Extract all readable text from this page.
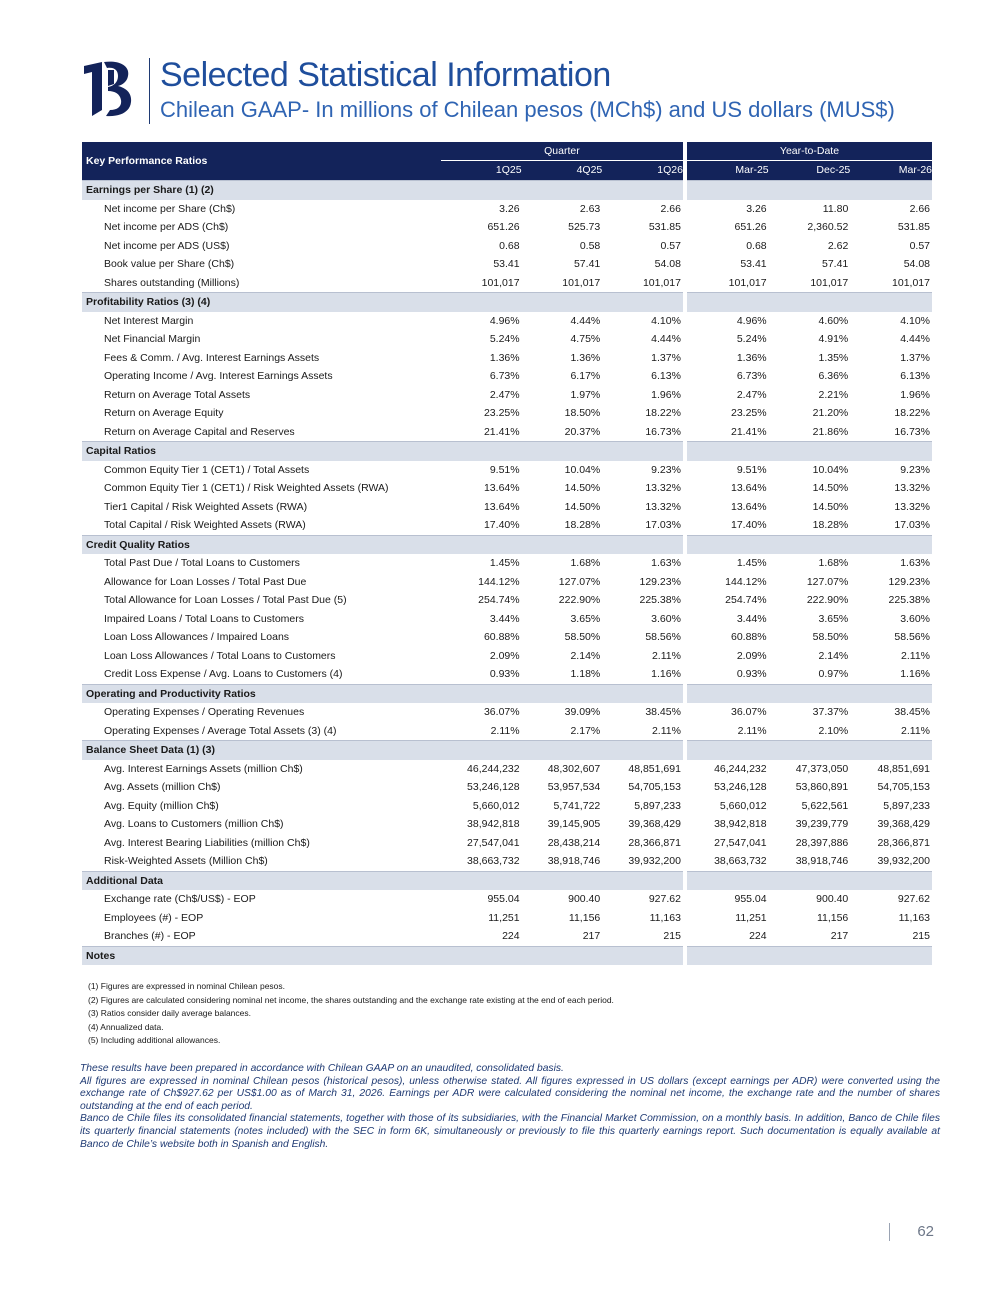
Selected Statistical Information
Chilean GAAP- In millions of Chilean pesos (MCh$) and US dollars (MUS$)
Key Performance Ratios	Quarter				Year-to-Date		
	1Q25	4Q25	1Q26		Mar-25	Dec-25	Mar-26
Earnings per Share (1) (2)							
Net income per Share (Ch$)	3.26	2.63	2.66		3.26	11.80	2.66
Net income per ADS (Ch$)	651.26	525.73	531.85		651.26	2,360.52	531.85
Net income per ADS (US$)	0.68	0.58	0.57		0.68	2.62	0.57
Book value per Share (Ch$)	53.41	57.41	54.08		53.41	57.41	54.08
Shares outstanding (Millions)	101,017	101,017	101,017		101,017	101,017	101,017
Profitability Ratios (3) (4)							
Net Interest Margin	4.96%	4.44%	4.10%		4.96%	4.60%	4.10%
Net Financial Margin	5.24%	4.75%	4.44%		5.24%	4.91%	4.44%
Fees & Comm. / Avg. Interest Earnings Assets	1.36%	1.36%	1.37%		1.36%	1.35%	1.37%
Operating Income / Avg. Interest Earnings Assets	6.73%	6.17%	6.13%		6.73%	6.36%	6.13%
Return on Average Total Assets	2.47%	1.97%	1.96%		2.47%	2.21%	1.96%
Return on Average Equity	23.25%	18.50%	18.22%		23.25%	21.20%	18.22%
Return on Average Capital and Reserves	21.41%	20.37%	16.73%		21.41%	21.86%	16.73%
Capital Ratios							
Common Equity Tier 1 (CET1) / Total Assets	9.51%	10.04%	9.23%		9.51%	10.04%	9.23%
Common Equity Tier 1 (CET1) / Risk Weighted Assets (RWA)	13.64%	14.50%	13.32%		13.64%	14.50%	13.32%
Tier1 Capital / Risk Weighted Assets (RWA)	13.64%	14.50%	13.32%		13.64%	14.50%	13.32%
Total Capital / Risk Weighted Assets (RWA)	17.40%	18.28%	17.03%		17.40%	18.28%	17.03%
Credit Quality Ratios							
Total Past Due / Total Loans to Customers	1.45%	1.68%	1.63%		1.45%	1.68%	1.63%
Allowance for Loan Losses / Total Past Due	144.12%	127.07%	129.23%		144.12%	127.07%	129.23%
Total Allowance for Loan Losses / Total Past Due (5)	254.74%	222.90%	225.38%		254.74%	222.90%	225.38%
Impaired Loans / Total Loans to Customers	3.44%	3.65%	3.60%		3.44%	3.65%	3.60%
Loan Loss Allowances / Impaired Loans	60.88%	58.50%	58.56%		60.88%	58.50%	58.56%
Loan Loss Allowances / Total Loans to Customers	2.09%	2.14%	2.11%		2.09%	2.14%	2.11%
Credit Loss Expense / Avg. Loans to Customers (4)	0.93%	1.18%	1.16%		0.93%	0.97%	1.16%
Operating and Productivity Ratios							
Operating Expenses / Operating Revenues	36.07%	39.09%	38.45%		36.07%	37.37%	38.45%
Operating Expenses / Average Total Assets (3) (4)	2.11%	2.17%	2.11%		2.11%	2.10%	2.11%
Balance Sheet Data (1) (3)							
Avg. Interest Earnings Assets (million Ch$)	46,244,232	48,302,607	48,851,691		46,244,232	47,373,050	48,851,691
Avg. Assets (million Ch$)	53,246,128	53,957,534	54,705,153		53,246,128	53,860,891	54,705,153
Avg. Equity (million Ch$)	5,660,012	5,741,722	5,897,233		5,660,012	5,622,561	5,897,233
Avg. Loans to Customers (million Ch$)	38,942,818	39,145,905	39,368,429		38,942,818	39,239,779	39,368,429
Avg. Interest Bearing Liabilities (million Ch$)	27,547,041	28,438,214	28,366,871		27,547,041	28,397,886	28,366,871
Risk-Weighted Assets (Million Ch$)	38,663,732	38,918,746	39,932,200		38,663,732	38,918,746	39,932,200
Additional Data							
Exchange rate (Ch$/US$) - EOP	955.04	900.40	927.62		955.04	900.40	927.62
Employees (#) - EOP	11,251	11,156	11,163		11,251	11,156	11,163
Branches (#) - EOP	224	217	215		224	217	215
Notes							
(1) Figures are expressed in nominal Chilean pesos.
(2) Figures are calculated considering nominal net income, the shares outstanding and the exchange rate existing at the end of each period.
(3) Ratios consider daily average balances.
(4) Annualized data.
(5) Including additional allowances.

These results have been prepared in accordance with Chilean GAAP on an unaudited, consolidated basis.

All figures are expressed in nominal Chilean pesos (historical pesos), unless otherwise stated. All figures expressed in US dollars (except earnings per ADR) were converted using the exchange rate of Ch$927.62 per US$1.00 as of March 31, 2026. Earnings per ADR were calculated considering the nominal net income, the exchange rate and the number of shares outstanding at the end of each period.

Banco de Chile files its consolidated financial statements, together with those of its subsidiaries, with the Financial Market Commission, on a monthly basis. In addition, Banco de Chile files its quarterly financial statements (notes included) with the SEC in form 6K, simultaneously or previously to file this quarterly earnings report. Such documentation is equally available at Banco de Chile’s website both in Spanish and English.

62
